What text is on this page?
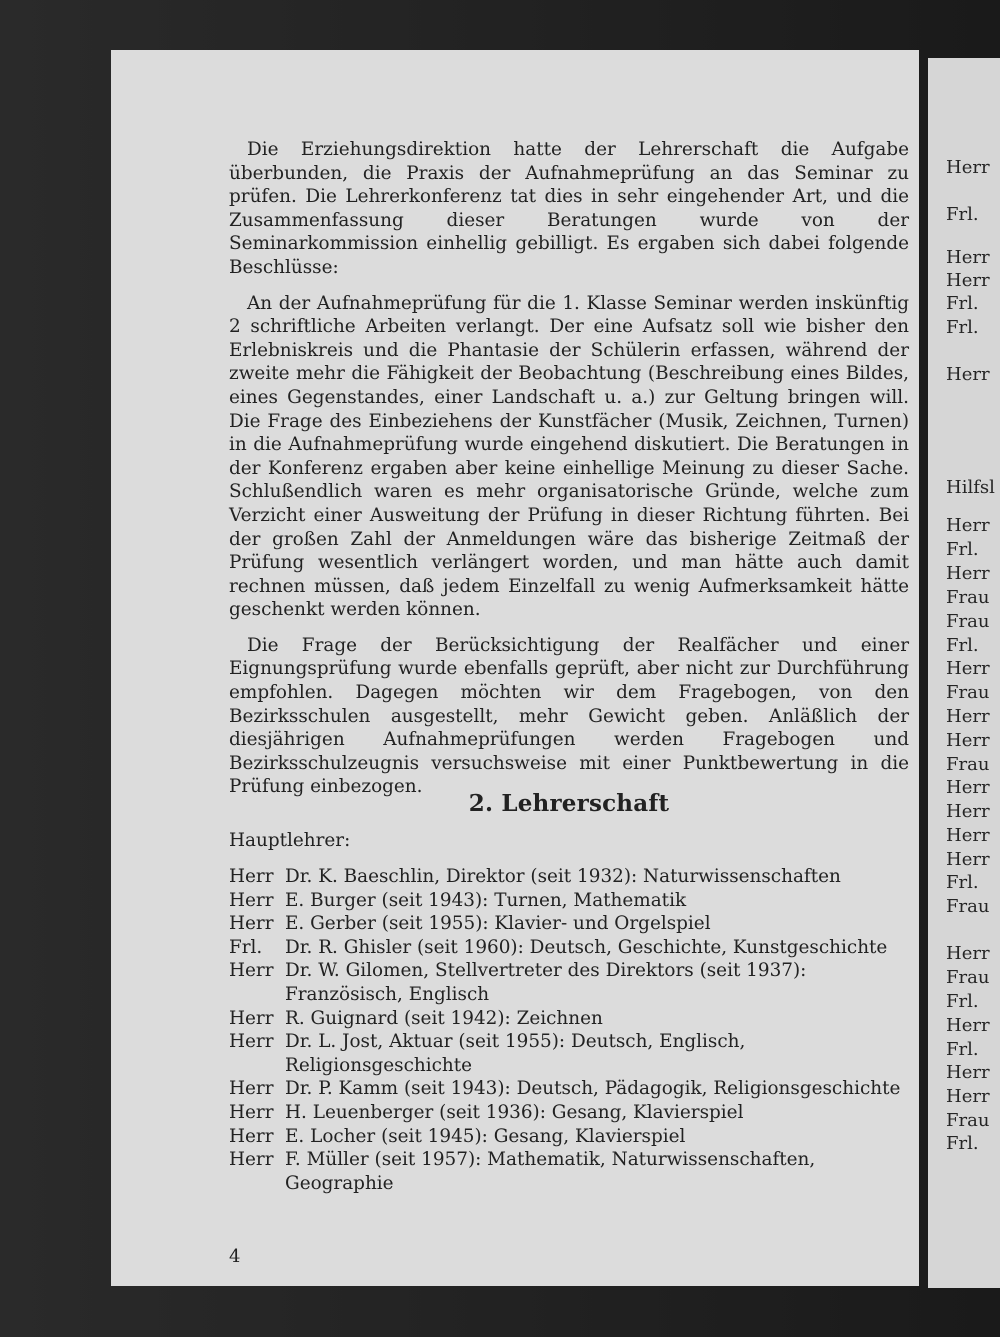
Die Erziehungsdirektion hatte der Lehrerschaft die Aufgabe überbunden, die Praxis der Aufnahmeprüfung an das Seminar zu prüfen. Die Lehrerkonferenz tat dies in sehr eingehender Art, und die Zusammenfassung dieser Beratungen wurde von der Seminarkommission einhellig gebilligt. Es ergaben sich dabei folgende Beschlüsse:

An der Aufnahmeprüfung für die 1. Klasse Seminar werden inskünftig 2 schriftliche Arbeiten verlangt. Der eine Aufsatz soll wie bisher den Erlebniskreis und die Phantasie der Schülerin erfassen, während der zweite mehr die Fähigkeit der Beobachtung (Beschreibung eines Bildes, eines Gegenstandes, einer Landschaft u. a.) zur Geltung bringen will. Die Frage des Einbeziehens der Kunstfächer (Musik, Zeichnen, Turnen) in die Aufnahmeprüfung wurde eingehend diskutiert. Die Beratungen in der Konferenz ergaben aber keine einhellige Meinung zu dieser Sache. Schlußendlich waren es mehr organisatorische Gründe, welche zum Verzicht einer Ausweitung der Prüfung in dieser Richtung führten. Bei der großen Zahl der Anmeldungen wäre das bisherige Zeitmaß der Prüfung wesentlich verlängert worden, und man hätte auch damit rechnen müssen, daß jedem Einzelfall zu wenig Aufmerksamkeit hätte geschenkt werden können.

Die Frage der Berücksichtigung der Realfächer und einer Eignungsprüfung wurde ebenfalls geprüft, aber nicht zur Durchführung empfohlen. Dagegen möchten wir dem Fragebogen, von den Bezirksschulen ausgestellt, mehr Gewicht geben. Anläßlich der diesjährigen Aufnahmeprüfungen werden Fragebogen und Bezirksschulzeugnis versuchsweise mit einer Punktbewertung in die Prüfung einbezogen.

2. Lehrerschaft
Hauptlehrer:
Herr Dr. K. Baeschlin, Direktor (seit 1932): Naturwissenschaften
Herr E. Burger (seit 1943): Turnen, Mathematik
Herr E. Gerber (seit 1955): Klavier- und Orgelspiel
Frl.	Dr. R. Ghisler (seit 1960): Deutsch, Geschichte, Kunstgeschichte
Herr Dr. W. Gilomen, Stellvertreter des Direktors (seit 1937): Französisch, Englisch
Herr R. Guignard (seit 1942): Zeichnen
Herr Dr. L. Jost, Aktuar (seit 1955): Deutsch, Englisch, Religionsgeschichte
Herr Dr. P. Kamm (seit 1943): Deutsch, Pädagogik, Religionsgeschichte
Herr H. Leuenberger (seit 1936): Gesang, Klavierspiel
Herr E. Locher (seit 1945): Gesang, Klavierspiel
Herr F. Müller (seit 1957): Mathematik, Naturwissenschaften, Geographie
4
Herr
Frl.
Herr
Herr
Frl.
Frl.
Herr
Hilfsl
Herr
Frl.
Herr
Frau
Frau
Frl.
Herr
Frau
Herr
Herr
Frau
Herr
Herr
Herr
Herr
Frl.
Frau
Herr
Frau
Frl.
Herr
Frl.
Herr
Herr
Frau
Frl.
